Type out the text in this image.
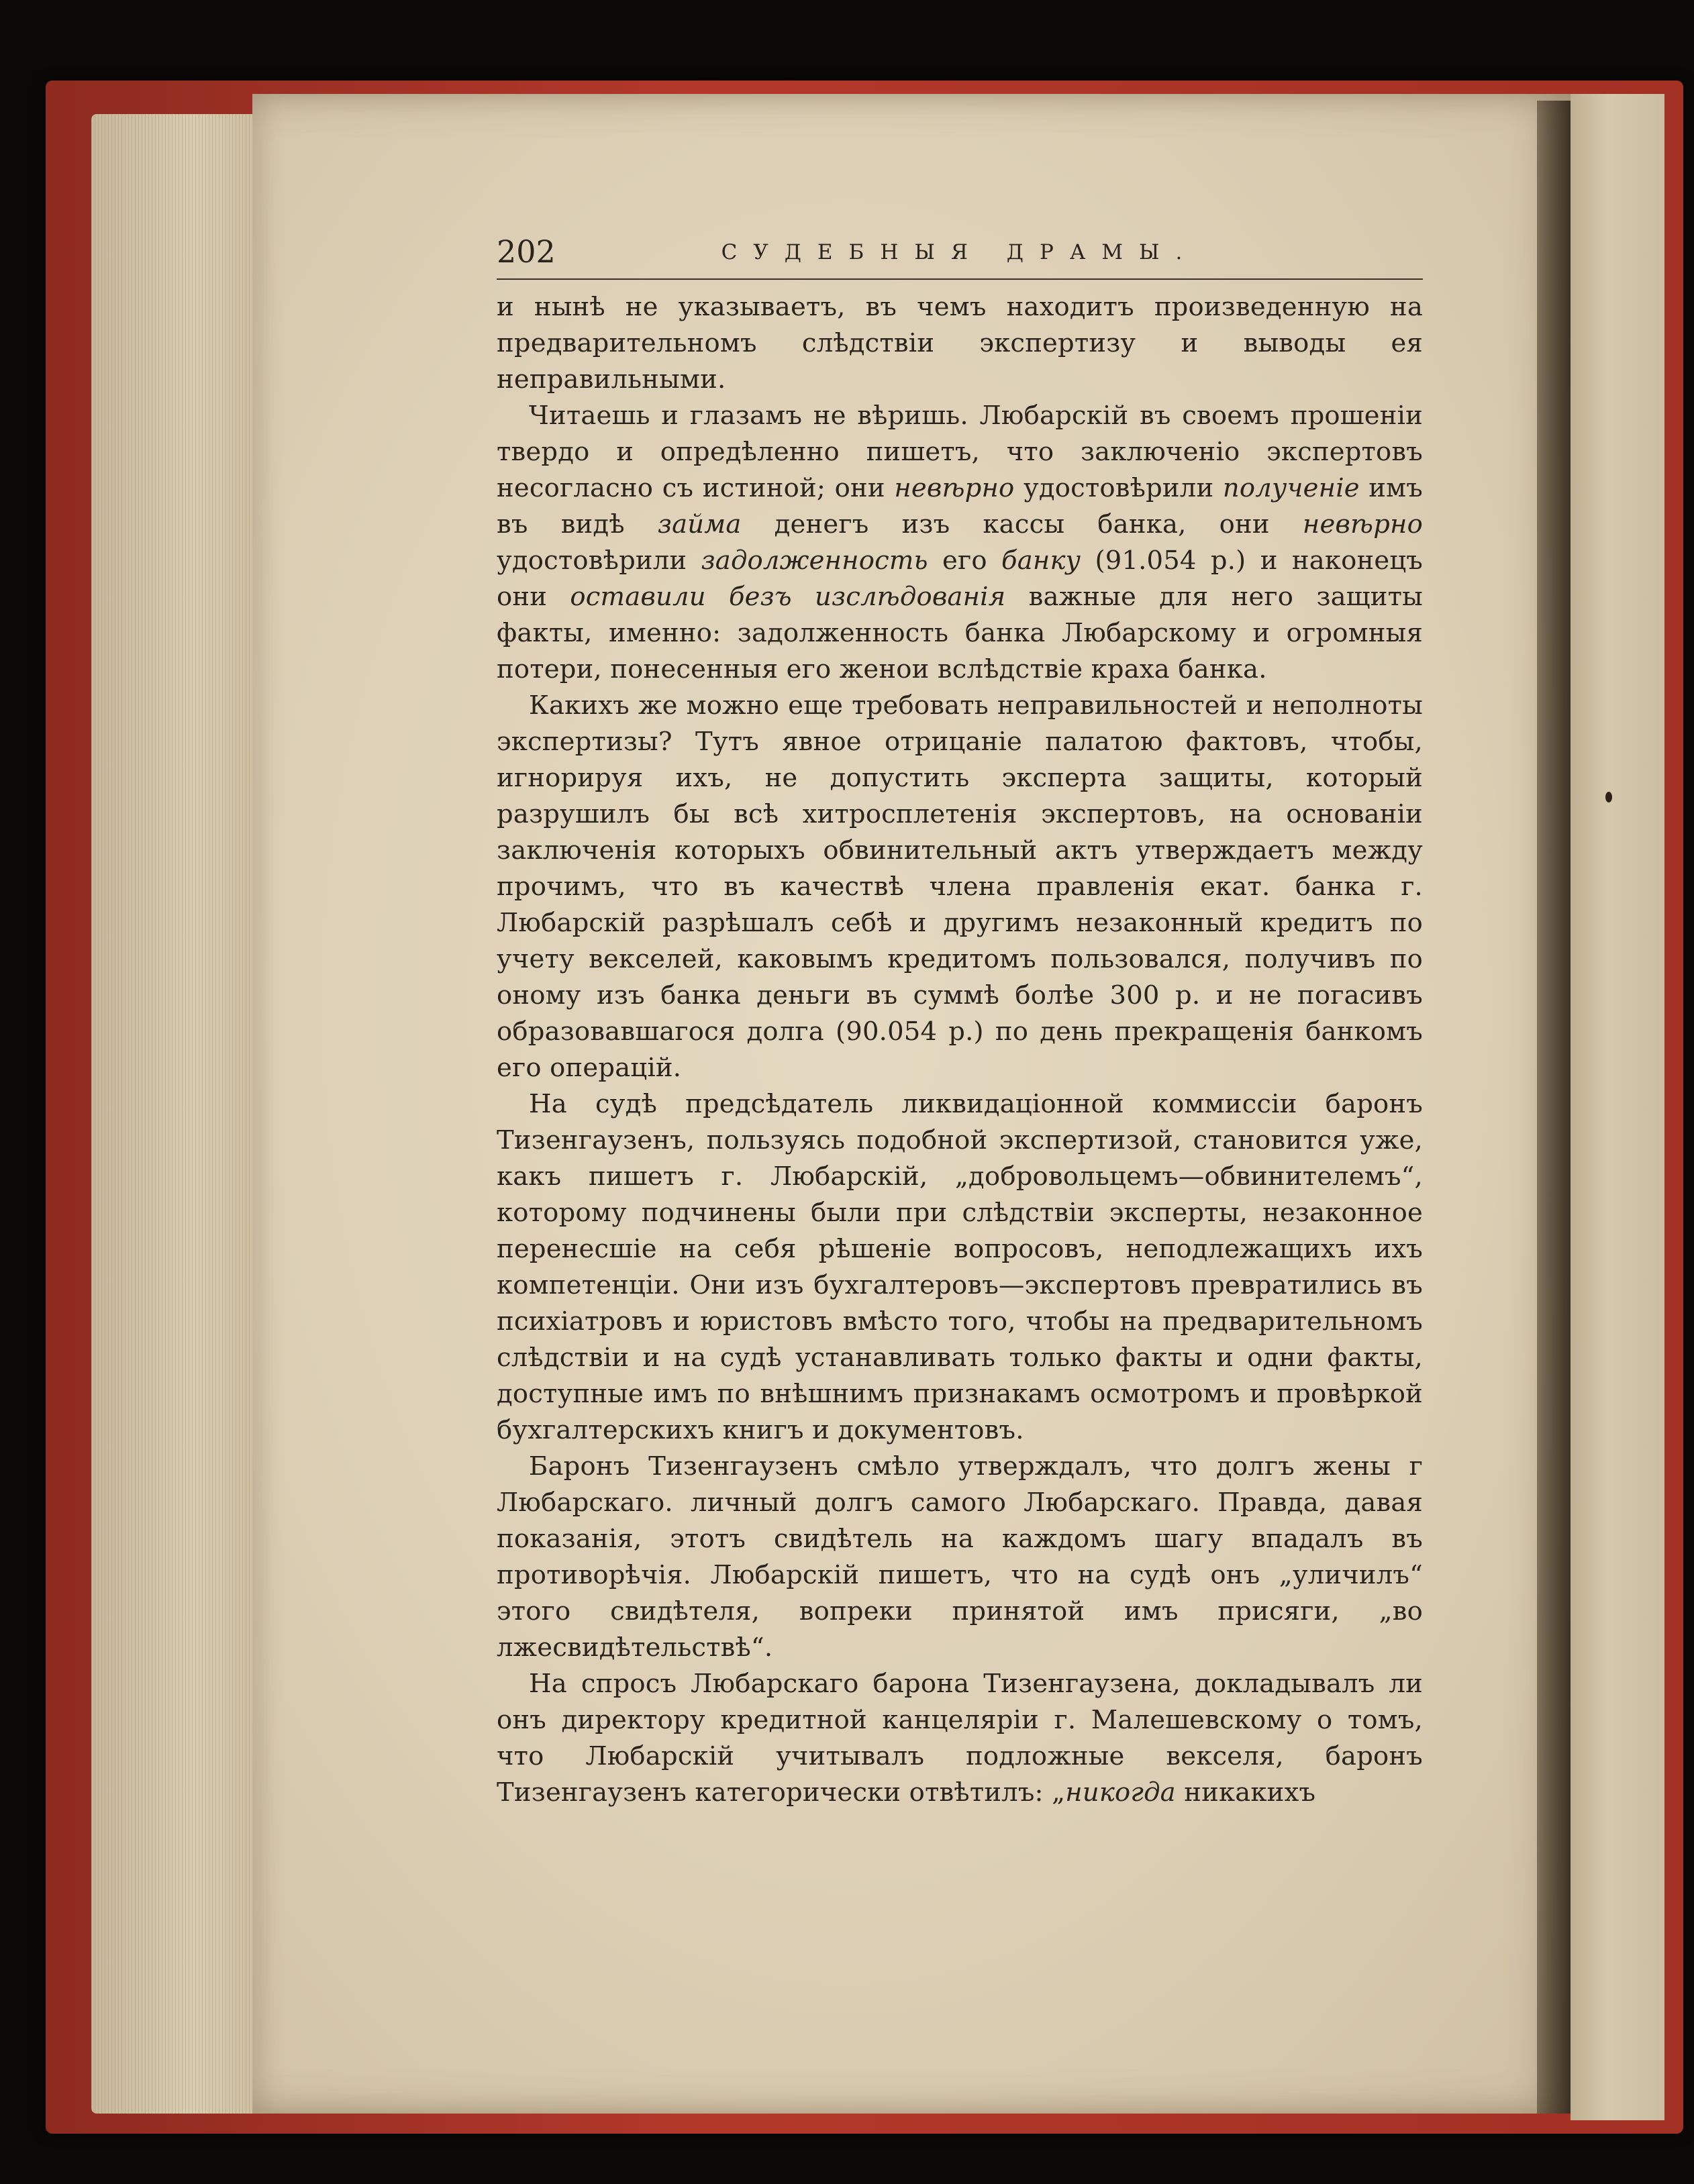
202	СУДЕБНЫЯ ДРАМЫ.

и нынѣ не указываетъ, въ чемъ находитъ произведенную на предварительномъ слѣдствіи экспертизу и выводы ея неправильными.

Читаешь и глазамъ не вѣришь. Любарскій въ своемъ прошеніи твердо и опредѣленно пишетъ, что заключеніо экспертовъ несогласно съ истиной; они невѣрно удостовѣрили полученіе имъ въ видѣ займа денегъ изъ кассы банка, они невѣрно удостовѣрили задолженность его банку (91.054 р.) и наконецъ они оставили безъ изслѣдованія важные для него защиты факты, именно: задолженность банка Любарскому и огромныя потери, понесенныя его женои вслѣдствіе краха банка.

Какихъ же можно еще требовать неправильностей и неполноты экспертизы? Тутъ явное отрицаніе палатою фактовъ, чтобы, игнорируя ихъ, не допустить эксперта защиты, который разрушилъ бы всѣ хитросплетенія экспертовъ, на основаніи заключенія которыхъ обвинительный актъ утверждаетъ между прочимъ, что въ качествѣ члена правленія екат. банка г. Любарскій разрѣшалъ себѣ и другимъ незаконный кредитъ по учету векселей, каковымъ кредитомъ пользовался, получивъ по оному изъ банка деньги въ суммѣ болѣе 300 р. и не погасивъ образовавшагося долга (90.054 р.) по день прекращенія банкомъ его операцій.

На судѣ предсѣдатель ликвидаціонной коммиссіи баронъ Тизенгаузенъ, пользуясь подобной экспертизой, становится уже, какъ пишетъ г. Любарскій, „добровольцемъ—обвинителемъ“, которому подчинены были при слѣдствіи эксперты, незаконное перенесшіе на себя рѣшеніе вопросовъ, неподлежащихъ ихъ компетенціи. Они изъ бухгалтеровъ—экспертовъ превратились въ психіатровъ и юристовъ вмѣсто того, чтобы на предварительномъ слѣдствіи и на судѣ устанавливать только факты и одни факты, доступные имъ по внѣшнимъ признакамъ осмотромъ и провѣркой бухгалтерскихъ книгъ и документовъ.

Баронъ Тизенгаузенъ смѣло утверждалъ, что долгъ жены г Любарскаго. личный долгъ самого Любарскаго. Правда, давая показанія, этотъ свидѣтель на каждомъ шагу впадалъ въ противорѣчія. Любарскій пишетъ, что на судѣ онъ „уличилъ“ этого свидѣтеля, вопреки принятой имъ присяги, „во лжесвидѣтельствѣ“.

На спросъ Любарскаго барона Тизенгаузена, докладывалъ ли онъ директору кредитной канцеляріи г. Малешевскому о томъ, что Любарскій учитывалъ подложные векселя, баронъ Тизенгаузенъ категорически отвѣтилъ: „никогда никакихъ
